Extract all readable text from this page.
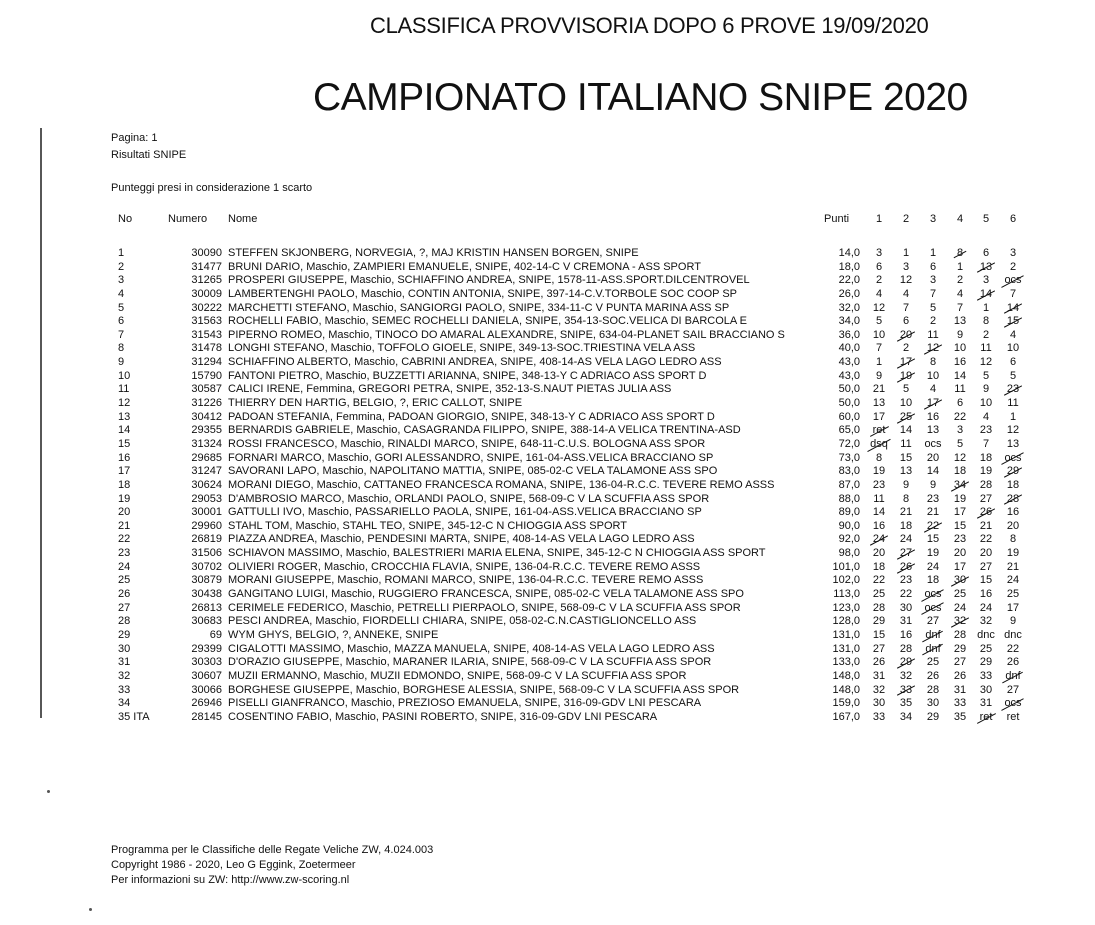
CLASSIFICA PROVVISORIA DOPO 6 PROVE 19/09/2020
CAMPIONATO ITALIANO SNIPE 2020
Pagina: 1
Risultati SNIPE
Punteggi presi in considerazione 1 scarto
No	Numero Nome	Punti	1	2	3	4	5	6
1	30090 STEFFEN SKJONBERG, NORVEGIA, ?, MAJ KRISTIN HANSEN BORGEN, SNIPE	14,0	3	1	1	8	6	3
2	31477 BRUNI DARIO, Maschio, ZAMPIERI EMANUELE, SNIPE, 402-14-C V CREMONA - ASS SPORT	18,0	6	3	6	1	13	2
3	31265 PROSPERI GIUSEPPE, Maschio, SCHIAFFINO ANDREA, SNIPE, 1578-11-ASS.SPORT.DILCENTROVEL	22,0	2	12	3	2	3	ocs
4	30009 LAMBERTENGHI PAOLO, Maschio, CONTIN ANTONIA, SNIPE, 397-14-C.V.TORBOLE SOC COOP SP	26,0	4	4	7	4	14	7
5	30222 MARCHETTI STEFANO, Maschio, SANGIORGI PAOLO, SNIPE, 334-11-C V PUNTA MARINA ASS SP	32,0	12	7	5	7	1	14
6	31563 ROCHELLI FABIO, Maschio, SEMEC ROCHELLI DANIELA, SNIPE, 354-13-SOC.VELICA DI BARCOLA E	34,0	5	6	2	13	8	15
7	31543 PIPERNO ROMEO, Maschio, TINOCO DO AMARAL ALEXANDRE, SNIPE, 634-04-PLANET SAIL BRACCIANO S	36,0	10	20	11	9	2	4
8	31478 LONGHI STEFANO, Maschio, TOFFOLO GIOELE, SNIPE, 349-13-SOC.TRIESTINA VELA ASS	40,0	7	2	12	10	11	10
9	31294 SCHIAFFINO ALBERTO, Maschio, CABRINI ANDREA, SNIPE, 408-14-AS VELA LAGO LEDRO ASS	43,0	1	17	8	16	12	6
10	15790 FANTONI PIETRO, Maschio, BUZZETTI ARIANNA, SNIPE, 348-13-Y C ADRIACO ASS SPORT D	43,0	9	19	10	14	5	5
11	30587 CALICI IRENE, Femmina, GREGORI PETRA, SNIPE, 352-13-S.NAUT PIETAS JULIA ASS	50,0	21	5	4	11	9	23
12	31226 THIERRY DEN HARTIG, BELGIO, ?, ERIC CALLOT, SNIPE	50,0	13	10	17	6	10	11
13	30412 PADOAN STEFANIA, Femmina, PADOAN GIORGIO, SNIPE, 348-13-Y C ADRIACO ASS SPORT D	60,0	17	25	16	22	4	1
14	29355 BERNARDIS GABRIELE, Maschio, CASAGRANDA FILIPPO, SNIPE, 388-14-A VELICA TRENTINA-ASD	65,0	ret	14	13	3	23	12
15	31324 ROSSI FRANCESCO, Maschio, RINALDI MARCO, SNIPE, 648-11-C.U.S. BOLOGNA ASS SPOR	72,0 dsq	11	ocs	5	7	13
16	29685 FORNARI MARCO, Maschio, GORI ALESSANDRO, SNIPE, 161-04-ASS.VELICA BRACCIANO SP	73,0	8	15	20	12	18	ocs
17	31247 SAVORANI LAPO, Maschio, NAPOLITANO MATTIA, SNIPE, 085-02-C VELA TALAMONE ASS SPO	83,0	19	13	14	18	19	29
18	30624 MORANI DIEGO, Maschio, CATTANEO FRANCESCA ROMANA, SNIPE, 136-04-R.C.C. TEVERE REMO ASSS	87,0	23	9	9	34	28	18
19	29053 D'AMBROSIO MARCO, Maschio, ORLANDI PAOLO, SNIPE, 568-09-C V LA SCUFFIA ASS SPOR	88,0	11	8	23	19	27	28
20	30001 GATTULLI IVO, Maschio, PASSARIELLO PAOLA, SNIPE, 161-04-ASS.VELICA BRACCIANO SP	89,0	14	21	21	17	26	16
21	29960 STAHL TOM, Maschio, STAHL TEO, SNIPE, 345-12-C N CHIOGGIA ASS SPORT	90,0	16	18	22	15	21	20
22	26819 PIAZZA ANDREA, Maschio, PENDESINI MARTA, SNIPE, 408-14-AS VELA LAGO LEDRO ASS	92,0	24	24	15	23	22	8
23	31506 SCHIAVON MASSIMO, Maschio, BALESTRIERI MARIA ELENA, SNIPE, 345-12-C N CHIOGGIA ASS SPORT	98,0	20	27	19	20	20	19
24	30702 OLIVIERI ROGER, Maschio, CROCCHIA FLAVIA, SNIPE, 136-04-R.C.C. TEVERE REMO ASSS	101,0	18	26	24	17	27	21
25	30879 MORANI GIUSEPPE, Maschio, ROMANI MARCO, SNIPE, 136-04-R.C.C. TEVERE REMO ASSS	102,0	22	23	18	30	15	24
26	30438 GANGITANO LUIGI, Maschio, RUGGIERO FRANCESCA, SNIPE, 085-02-C VELA TALAMONE ASS SPO	113,0	25	22	ocs	25	16	25
27	26813 CERIMELE FEDERICO, Maschio, PETRELLI PIERPAOLO, SNIPE, 568-09-C V LA SCUFFIA ASS SPOR	123,0	28	30	ocs	24	24	17
28	30683 PESCI ANDREA, Maschio, FIORDELLI CHIARA, SNIPE, 058-02-C.N.CASTIGLIONCELLO ASS	128,0	29	31	27	32	32	9
29	69 WYM GHYS, BELGIO, ?, ANNEKE, SNIPE	131,0	15	16	dnf	28	dnc dnc
30	29399 CIGALOTTI MASSIMO, Maschio, MAZZA MANUELA, SNIPE, 408-14-AS VELA LAGO LEDRO ASS	131,0	27	28	dnf	29	25	22
31	30303 D'ORAZIO GIUSEPPE, Maschio, MARANER ILARIA, SNIPE, 568-09-C V LA SCUFFIA ASS SPOR	133,0	26	29	25	27	29	26
32	30607 MUZII ERMANNO, Maschio, MUZII EDMONDO, SNIPE, 568-09-C V LA SCUFFIA ASS SPOR	148,0	31	32	26	26	33	dnf
33	30066 BORGHESE GIUSEPPE, Maschio, BORGHESE ALESSIA, SNIPE, 568-09-C V LA SCUFFIA ASS SPOR	148,0	32	33	28	31	30	27
34	26946 PISELLI GIANFRANCO, Maschio, PREZIOSO EMANUELA, SNIPE, 316-09-GDV LNI PESCARA	159,0	30	35	30	33	31	ocs
35 ITA	28145 COSENTINO FABIO, Maschio, PASINI ROBERTO, SNIPE, 316-09-GDV LNI PESCARA	167,0	33	34	29	35	ret	ret
Programma per le Classifiche delle Regate Veliche ZW, 4.024.003
Copyright 1986 - 2020, Leo G Eggink, Zoetermeer
Per informazioni su ZW: http://www.zw-scoring.nl
